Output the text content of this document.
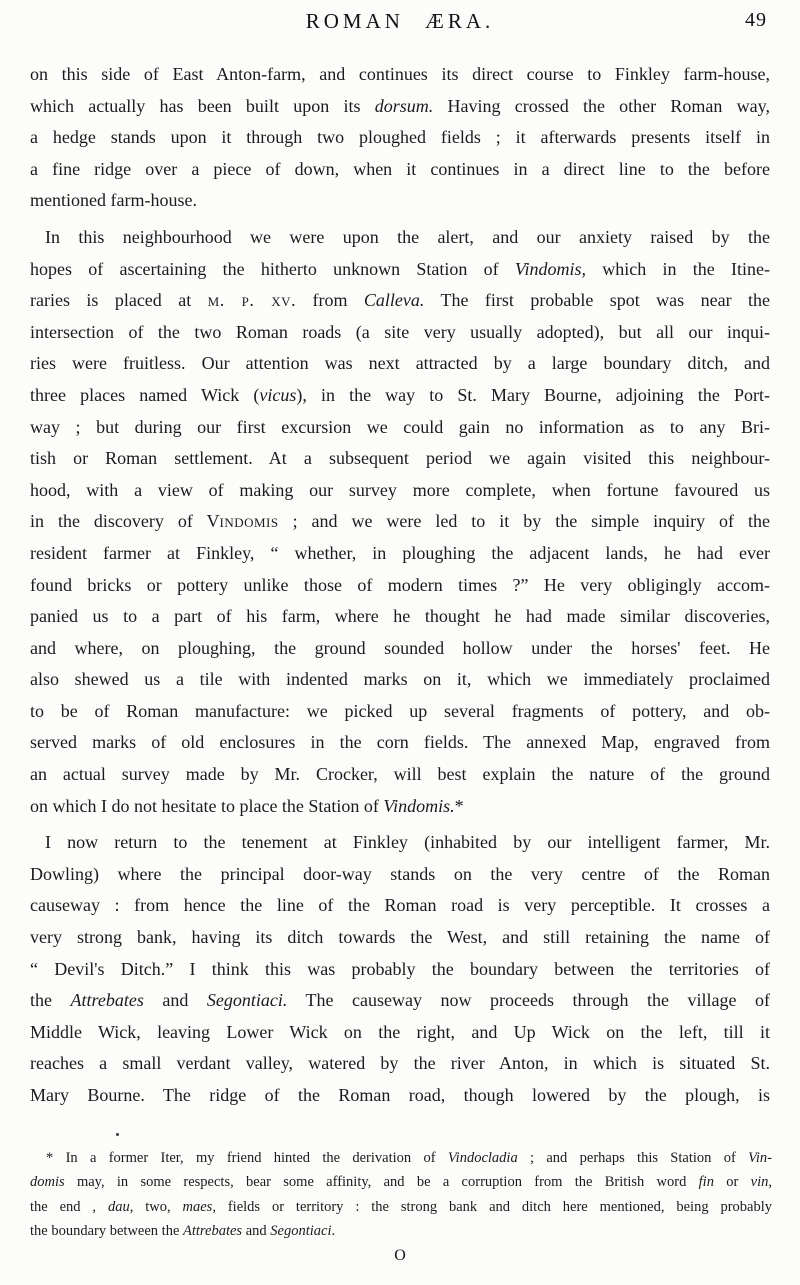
ROMAN ÆRA.	49
on this side of East Anton-farm, and continues its direct course to Finkley farm-house,
which actually has been built upon its dorsum. Having crossed the other Roman way,
a hedge stands upon it through two ploughed fields ; it afterwards presents itself in
a fine ridge over a piece of down, when it continues in a direct line to the before
mentioned farm-house.
In this neighbourhood we were upon the alert, and our anxiety raised by the
hopes of ascertaining the hitherto unknown Station of Vindomis, which in the Itine-
raries is placed at m. p. xv. from Calleva. The first probable spot was near the
intersection of the two Roman roads (a site very usually adopted), but all our inqui-
ries were fruitless. Our attention was next attracted by a large boundary ditch, and
three places named Wick (vicus), in the way to St. Mary Bourne, adjoining the Port-
way ; but during our first excursion we could gain no information as to any Bri-
tish or Roman settlement. At a subsequent period we again visited this neighbour-
hood, with a view of making our survey more complete, when fortune favoured us
in the discovery of Vindomis ; and we were led to it by the simple inquiry of the
resident farmer at Finkley, “ whether, in ploughing the adjacent lands, he had ever
found bricks or pottery unlike those of modern times ?” He very obligingly accom-
panied us to a part of his farm, where he thought he had made similar discoveries,
and where, on ploughing, the ground sounded hollow under the horses' feet. He
also shewed us a tile with indented marks on it, which we immediately proclaimed
to be of Roman manufacture: we picked up several fragments of pottery, and ob-
served marks of old enclosures in the corn fields. The annexed Map, engraved from
an actual survey made by Mr. Crocker, will best explain the nature of the ground
on which I do not hesitate to place the Station of Vindomis.*
I now return to the tenement at Finkley (inhabited by our intelligent farmer, Mr.
Dowling) where the principal door-way stands on the very centre of the Roman
causeway : from hence the line of the Roman road is very perceptible. It crosses a
very strong bank, having its ditch towards the West, and still retaining the name of
“ Devil's Ditch.” I think this was probably the boundary between the territories of
the Attrebates and Segontiaci. The causeway now proceeds through the village of
Middle Wick, leaving Lower Wick on the right, and Up Wick on the left, till it
reaches a small verdant valley, watered by the river Anton, in which is situated St.
Mary Bourne. The ridge of the Roman road, though lowered by the plough, is
* In a former Iter, my friend hinted the derivation of Vindocladia ; and perhaps this Station of Vin-
domis may, in some respects, bear some affinity, and be a corruption from the British word fin or vin,
the end , dau, two, maes, fields or territory : the strong bank and ditch here mentioned, being probably
the boundary between the Attrebates and Segontiaci.
O
